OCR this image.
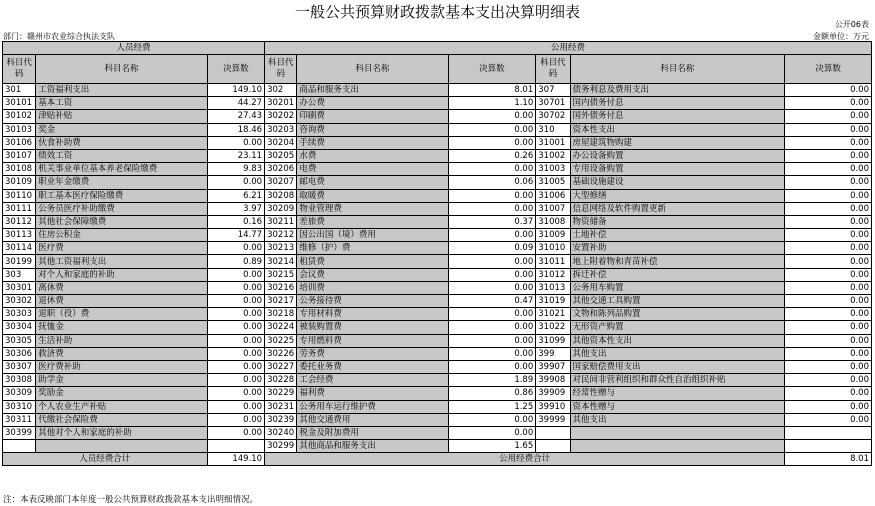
一般公共预算财政拨款基本支出决算明细表
公开06表
部门：赣州市农业综合执法支队	金额单位：万元
人员经费			公用经费					
科目代码	科目名称	决算数	科目代码	科目名称	决算数	科目代码	科目名称	决算数
301	工资福利支出	149.10	302	商品和服务支出	8.01	307	债务利息及费用支出	0.00
30101	基本工资	44.27	30201	办公费	1.10	30701	国内债务付息	0.00
30102	津贴补贴	27.43	30202	印刷费	0.00	30702	国外债务付息	0.00
30103	奖金	18.46	30203	咨询费	0.00	310	资本性支出	0.00
30106	伙食补助费	0.00	30204	手续费	0.00	31001	房屋建筑物购建	0.00
30107	绩效工资	23.11	30205	水费	0.26	31002	办公设备购置	0.00
30108	机关事业单位基本养老保险缴费	9.83	30206	电费	0.00	31003	专用设备购置	0.00
30109	职业年金缴费	0.00	30207	邮电费	0.06	31005	基础设施建设	0.00
30110	职工基本医疗保险缴费	6.21	30208	取暖费	0.00	31006	大型修缮	0.00
30111	公务员医疗补助缴费	3.97	30209	物业管理费	0.00	31007	信息网络及软件购置更新	0.00
30112	其他社会保障缴费	0.16	30211	差旅费	0.37	31008	物资储备	0.00
30113	住房公积金	14.77	30212	因公出国（境）费用	0.00	31009	土地补偿	0.00
30114	医疗费	0.00	30213	维修（护）费	0.09	31010	安置补助	0.00
30199	其他工资福利支出	0.89	30214	租赁费	0.00	31011	地上附着物和青苗补偿	0.00
303	对个人和家庭的补助	0.00	30215	会议费	0.00	31012	拆迁补偿	0.00
30301	离休费	0.00	30216	培训费	0.00	31013	公务用车购置	0.00
30302	退休费	0.00	30217	公务接待费	0.47	31019	其他交通工具购置	0.00
30303	退职（役）费	0.00	30218	专用材料费	0.00	31021	文物和陈列品购置	0.00
30304	抚恤金	0.00	30224	被装购置费	0.00	31022	无形资产购置	0.00
30305	生活补助	0.00	30225	专用燃料费	0.00	31099	其他资本性支出	0.00
30306	救济费	0.00	30226	劳务费	0.00	399	其他支出	0.00
30307	医疗费补助	0.00	30227	委托业务费	0.00	39907	国家赔偿费用支出	0.00
30308	助学金	0.00	30228	工会经费	1.89	39908	对民间非营利组织和群众性自治组织补贴	0.00
30309	奖励金	0.00	30229	福利费	0.86	39909	经常性赠与	0.00
30310	个人农业生产补贴	0.00	30231	公务用车运行维护费	1.25	39910	资本性赠与	0.00
30311	代缴社会保险费	0.00	30239	其他交通费用	0.00	39999	其他支出	0.00
30399	其他对个人和家庭的补助	0.00	30240	税金及附加费用	0.00			
			30299	其他商品和服务支出	1.65			
人员经费合计		149.10	公用经费合计					8.01
注：本表反映部门本年度一般公共预算财政拨款基本支出明细情况。
